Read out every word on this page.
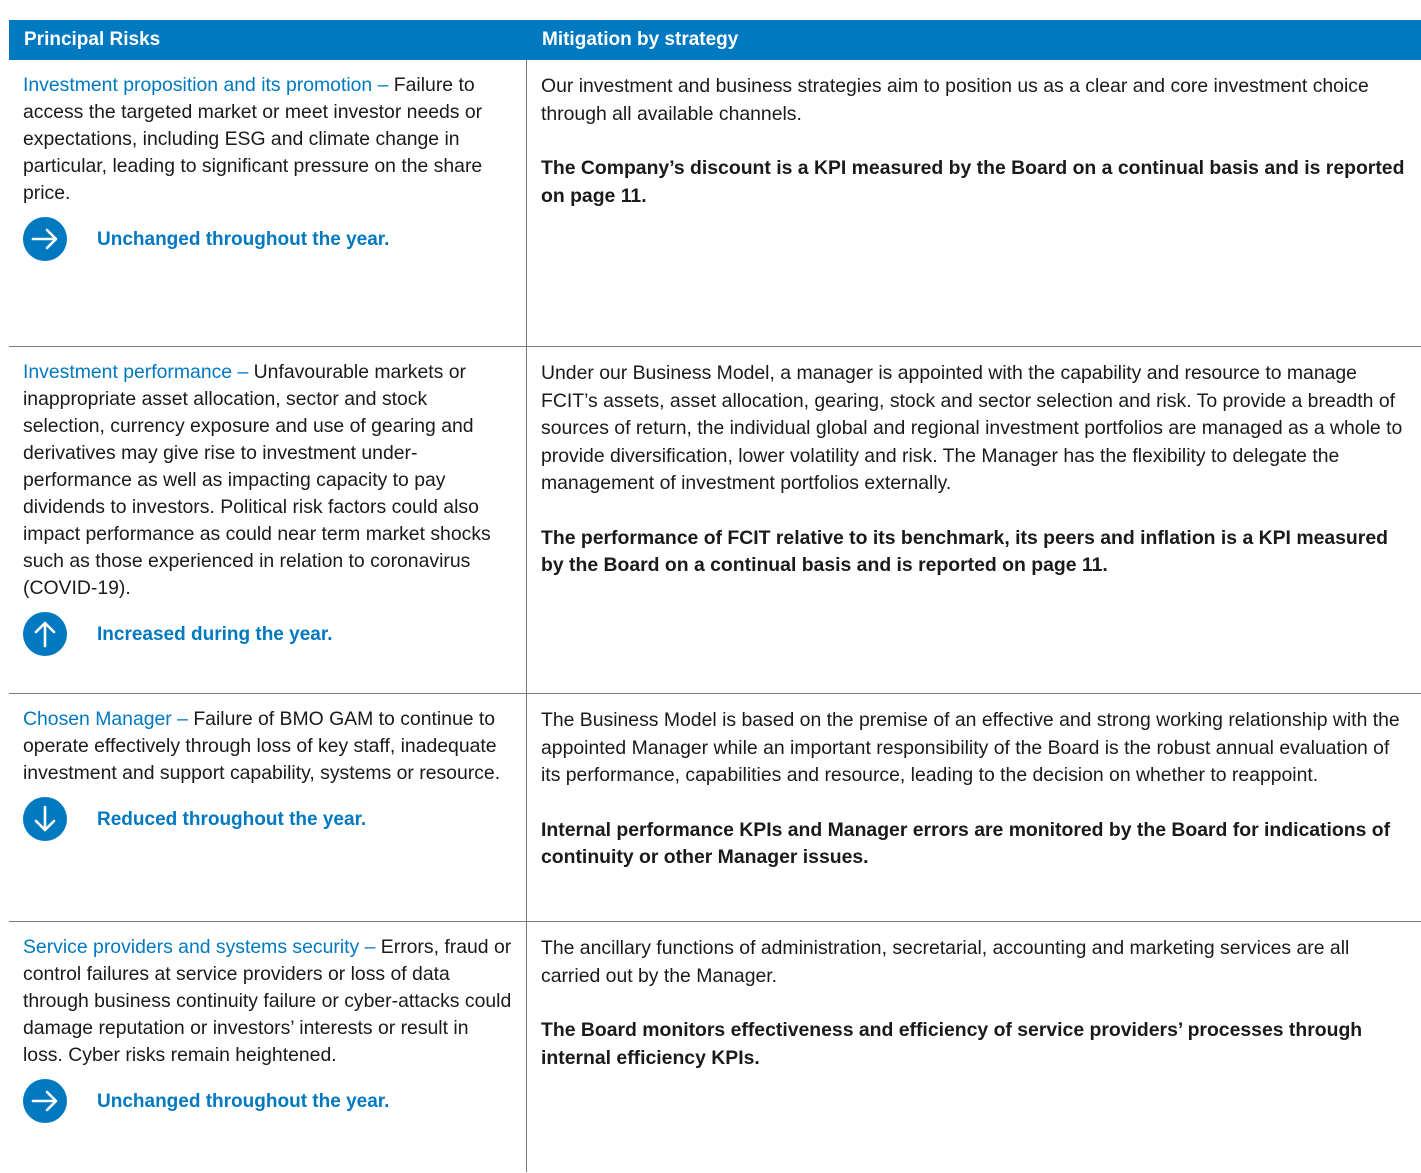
Principal Risks	Mitigation by strategy
Investment proposition and its promotion – Failure to access the targeted market or meet investor needs or expectations, including ESG and climate change in particular, leading to significant pressure on the share price.
Unchanged throughout the year.

Our investment and business strategies aim to position us as a clear and core investment choice through all available channels.

The Company’s discount is a KPI measured by the Board on a continual basis and is reported on page 11.

Investment performance – Unfavourable markets or inappropriate asset allocation, sector and stock selection, currency exposure and use of gearing and derivatives may give rise to investment under-performance as well as impacting capacity to pay dividends to investors. Political risk factors could also impact performance as could near term market shocks such as those experienced in relation to coronavirus (COVID-19).
Increased during the year.

Under our Business Model, a manager is appointed with the capability and resource to manage FCIT’s assets, asset allocation, gearing, stock and sector selection and risk. To provide a breadth of sources of return, the individual global and regional investment portfolios are managed as a whole to provide diversification, lower volatility and risk. The Manager has the flexibility to delegate the management of investment portfolios externally.

The performance of FCIT relative to its benchmark, its peers and inflation is a KPI measured by the Board on a continual basis and is reported on page 11.

Chosen Manager – Failure of BMO GAM to continue to operate effectively through loss of key staff, inadequate investment and support capability, systems or resource.
Reduced throughout the year.

The Business Model is based on the premise of an effective and strong working relationship with the appointed Manager while an important responsibility of the Board is the robust annual evaluation of its performance, capabilities and resource, leading to the decision on whether to reappoint.

Internal performance KPIs and Manager errors are monitored by the Board for indications of continuity or other Manager issues.

Service providers and systems security – Errors, fraud or control failures at service providers or loss of data through business continuity failure or cyber-attacks could damage reputation or investors’ interests or result in loss. Cyber risks remain heightened.
Unchanged throughout the year.

The ancillary functions of administration, secretarial, accounting and marketing services are all carried out by the Manager.

The Board monitors effectiveness and efficiency of service providers’ processes through internal efficiency KPIs.
